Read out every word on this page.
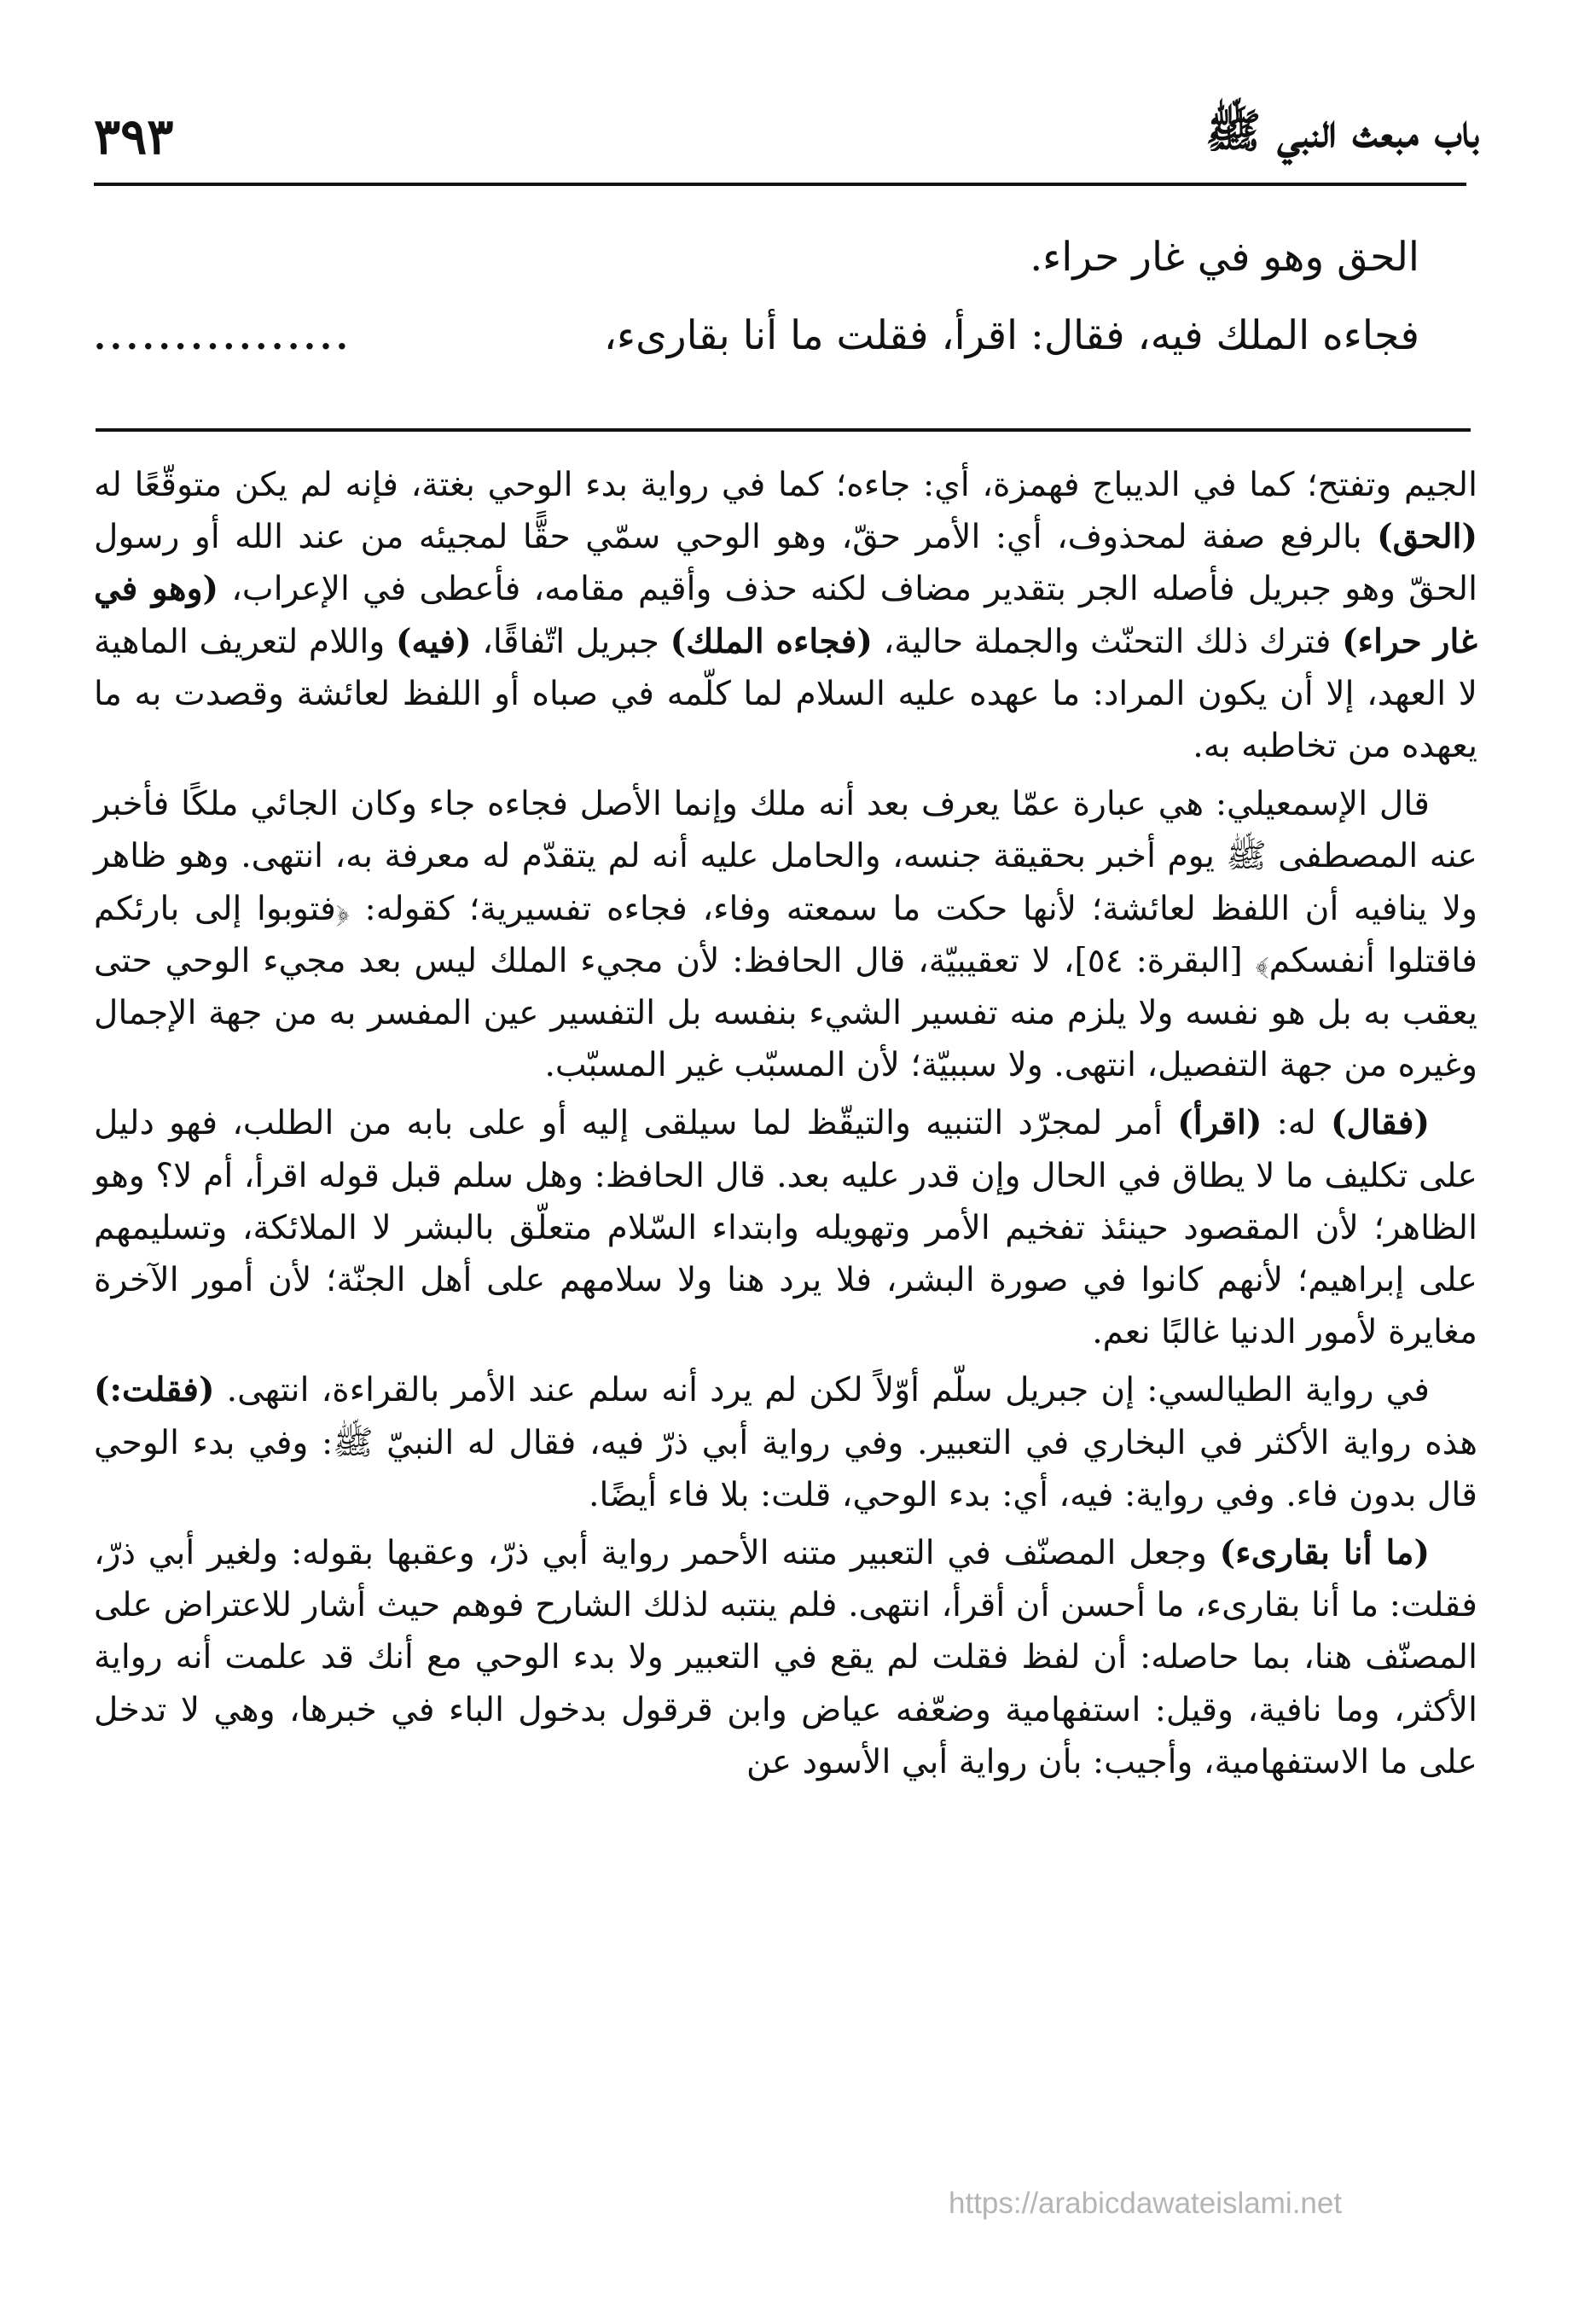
٣٩٣	باب مبعث النبي ﷺ
الحق وهو في غار حراء.
فجاءه الملك فيه، فقال: اقرأ، فقلت ما أنا بقارىء،
................

الجيم وتفتح؛ كما في الديباج فهمزة، أي: جاءه؛ كما في رواية بدء الوحي بغتة، فإنه لم يكن متوقّعًا له (الحق) بالرفع صفة لمحذوف، أي: الأمر حقّ، وهو الوحي سمّي حقًّا لمجيئه من عند الله أو رسول الحقّ وهو جبريل فأصله الجر بتقدير مضاف لكنه حذف وأقيم مقامه، فأعطى في الإعراب، (وهو في غار حراء) فترك ذلك التحنّث والجملة حالية، (فجاءه الملك) جبريل اتّفاقًا، (فيه) واللام لتعريف الماهية لا العهد، إلا أن يكون المراد: ما عهده عليه السلام لما كلّمه في صباه أو اللفظ لعائشة وقصدت به ما يعهده من تخاطبه به.

قال الإسمعيلي: هي عبارة عمّا يعرف بعد أنه ملك وإنما الأصل فجاءه جاء وكان الجائي ملكًا فأخبر عنه المصطفى ﷺ يوم أخبر بحقيقة جنسه، والحامل عليه أنه لم يتقدّم له معرفة به، انتهى. وهو ظاهر ولا ينافيه أن اللفظ لعائشة؛ لأنها حكت ما سمعته وفاء، فجاءه تفسيرية؛ كقوله: ﴿فتوبوا إلى بارئكم فاقتلوا أنفسكم﴾ [البقرة: ٥٤]، لا تعقيبيّة، قال الحافظ: لأن مجيء الملك ليس بعد مجيء الوحي حتى يعقب به بل هو نفسه ولا يلزم منه تفسير الشيء بنفسه بل التفسير عين المفسر به من جهة الإجمال وغيره من جهة التفصيل، انتهى. ولا سببيّة؛ لأن المسبّب غير المسبّب.

(فقال) له: (اقرأ) أمر لمجرّد التنبيه والتيقّظ لما سيلقى إليه أو على بابه من الطلب، فهو دليل على تكليف ما لا يطاق في الحال وإن قدر عليه بعد. قال الحافظ: وهل سلم قبل قوله اقرأ، أم لا؟ وهو الظاهر؛ لأن المقصود حينئذ تفخيم الأمر وتهويله وابتداء السّلام متعلّق بالبشر لا الملائكة، وتسليمهم على إبراهيم؛ لأنهم كانوا في صورة البشر، فلا يرد هنا ولا سلامهم على أهل الجنّة؛ لأن أمور الآخرة مغايرة لأمور الدنيا غالبًا نعم.

في رواية الطيالسي: إن جبريل سلّم أوّلاً لكن لم يرد أنه سلم عند الأمر بالقراءة، انتهى. (فقلت:) هذه رواية الأكثر في البخاري في التعبير. وفي رواية أبي ذرّ فيه، فقال له النبيّ ﷺ: وفي بدء الوحي قال بدون فاء. وفي رواية: فيه، أي: بدء الوحي، قلت: بلا فاء أيضًا.

(ما أنا بقارىء) وجعل المصنّف في التعبير متنه الأحمر رواية أبي ذرّ، وعقبها بقوله: ولغير أبي ذرّ، فقلت: ما أنا بقارىء، ما أحسن أن أقرأ، انتهى. فلم ينتبه لذلك الشارح فوهم حيث أشار للاعتراض على المصنّف هنا، بما حاصله: أن لفظ فقلت لم يقع في التعبير ولا بدء الوحي مع أنك قد علمت أنه رواية الأكثر، وما نافية، وقيل: استفهامية وضعّفه عياض وابن قرقول بدخول الباء في خبرها، وهي لا تدخل على ما الاستفهامية، وأجيب: بأن رواية أبي الأسود عن

https://arabicdawateislami.net
